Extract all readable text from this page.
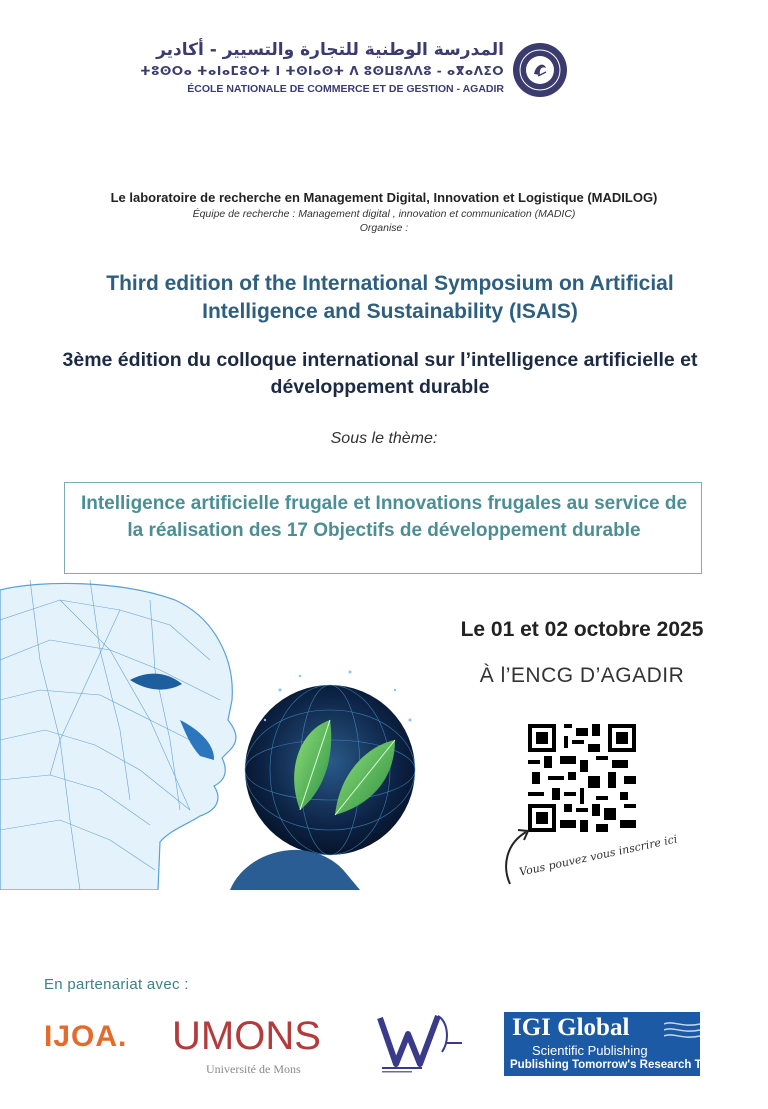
المدرسة الوطنية للتجارة والتسيير - أكادير
ⵜⵓⵙⵔⴰ ⵜⴰⵏⴰⵎⵓⵔⵜ ⵏ ⵜⵙⵏⴰⵙⵜ ⴷ ⵓⵙⵡⵓⴷⴷⵓ - ⴰⴳⴰⴷⵉⵔ
ÉCOLE NATIONALE DE COMMERCE ET DE GESTION - AGADIR
Le laboratoire de recherche en Management Digital, Innovation et Logistique (MADILOG)
Équipe de recherche : Management digital , innovation et communication (MADIC)
Organise :
Third edition of the International Symposium on Artificial Intelligence and Sustainability (ISAIS)
3ème édition du colloque international sur l’intelligence artificielle et développement durable
Sous le thème:
Intelligence artificielle frugale et Innovations frugales au service de la réalisation des 17 Objectifs de développement durable
Le 01 et 02 octobre 2025
À l’ENCG D’AGADIR
Vous pouvez vous inscrire ici
En partenariat avec :
IJOA. UMONS
Université de Mons
IGI Global
Scientific Publishing
Publishing Tomorrow's Research Today
